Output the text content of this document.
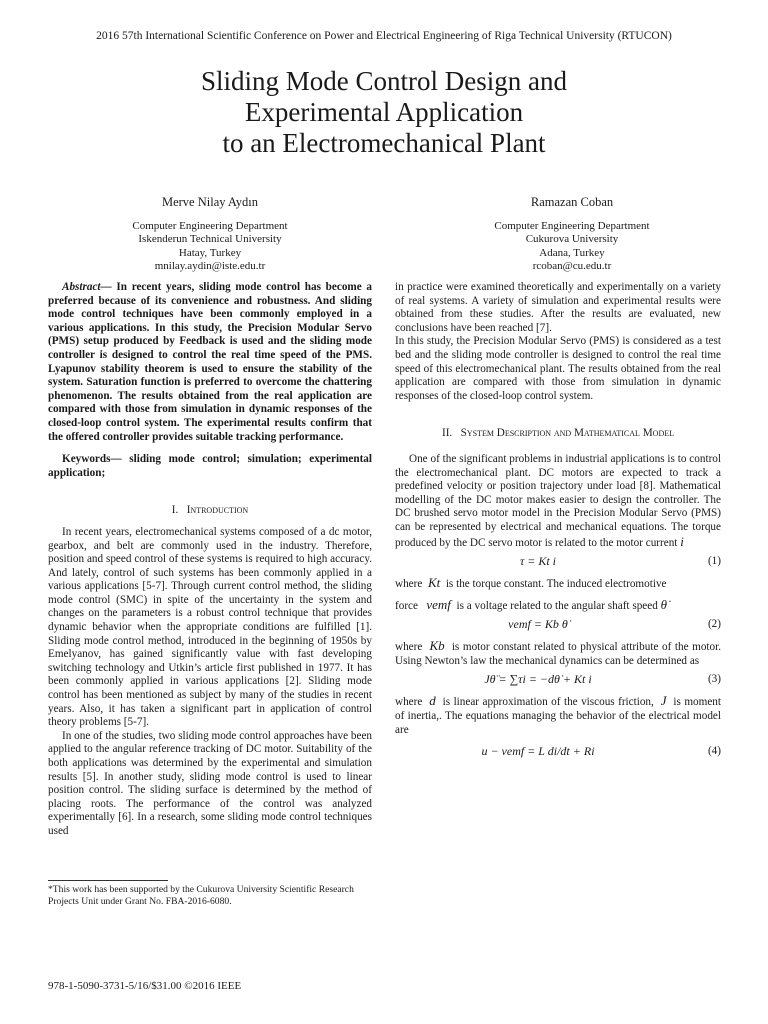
2016 57th International Scientific Conference on Power and Electrical Engineering of Riga Technical University (RTUCON)
Sliding Mode Control Design and
Experimental Application
to an Electromechanical Plant
Merve Nilay Aydın
Computer Engineering Department
Iskenderun Technical University
Hatay, Turkey
mnilay.aydin@iste.edu.tr
Ramazan Coban
Computer Engineering Department
Cukurova University
Adana, Turkey
rcoban@cu.edu.tr

Abstract— In recent years, sliding mode control has become a preferred because of its convenience and robustness. And sliding mode control techniques have been commonly employed in a various applications. In this study, the Precision Modular Servo (PMS) setup produced by Feedback is used and the sliding mode controller is designed to control the real time speed of the PMS. Lyapunov stability theorem is used to ensure the stability of the system. Saturation function is preferred to overcome the chattering phenomenon. The results obtained from the real application are compared with those from simulation in dynamic responses of the closed-loop control system. The experimental results confirm that the offered controller provides suitable tracking performance.

Keywords— sliding mode control; simulation; experimental application;

I. Introduction

In recent years, electromechanical systems composed of a dc motor, gearbox, and belt are commonly used in the industry. Therefore, position and speed control of these systems is required to high accuracy. And lately, control of such systems has been commonly applied in a various applications [5-7]. Through current control method, the sliding mode control (SMC) in spite of the uncertainty in the system and changes on the parameters is a robust control technique that provides dynamic behavior when the appropriate conditions are fulfilled [1]. Sliding mode control method, introduced in the beginning of 1950s by Emelyanov, has gained significantly value with fast developing switching technology and Utkin’s article first published in 1977. It has been commonly applied in various applications [2]. Sliding mode control has been mentioned as subject by many of the studies in recent years. Also, it has taken a significant part in application of control theory problems [5-7].

In one of the studies, two sliding mode control approaches have been applied to the angular reference tracking of DC motor. Suitability of the both applications was determined by the experimental and simulation results [5]. In another study, sliding mode control is used to linear position control. The sliding surface is determined by the method of placing roots. The performance of the control was analyzed experimentally [6]. In a research, some sliding mode control techniques used

*This work has been supported by the Cukurova University Scientific Research Projects Unit under Grant No. FBA-2016-6080.
978-1-5090-3731-5/16/$31.00 ©2016 IEEE

in practice were examined theoretically and experimentally on a variety of real systems. A variety of simulation and experimental results were obtained from these studies. After the results are evaluated, new conclusions have been reached [7].

In this study, the Precision Modular Servo (PMS) is considered as a test bed and the sliding mode controller is designed to control the real time speed of this electromechanical plant. The results obtained from the real application are compared with those from simulation in dynamic responses of the closed-loop control system.

II. System Description and Mathematical Model

One of the significant problems in industrial applications is to control the electromechanical plant. DC motors are expected to track a predefined velocity or position trajectory under load [8]. Mathematical modelling of the DC motor makes easier to design the controller. The DC brushed servo motor model in the Precision Modular Servo (PMS) can be represented by electrical and mechanical equations. The torque produced by the DC servo motor is related to the motor current i

τ = Kt i	(1)

where Kt is the torque constant. The induced electromotive

force vemf is a voltage related to the angular shaft speed θ̇

vemf = Kb θ̇	(2)

where Kb is motor constant related to physical attribute of the motor. Using Newton’s law the mechanical dynamics can be determined as

Jθ̈ = ∑τi = −dθ̇ + Kt i	(3)

where d is linear approximation of the viscous friction, J is moment of inertia,. The equations managing the behavior of the electrical model are

u − vemf = L di/dt + Ri	(4)
